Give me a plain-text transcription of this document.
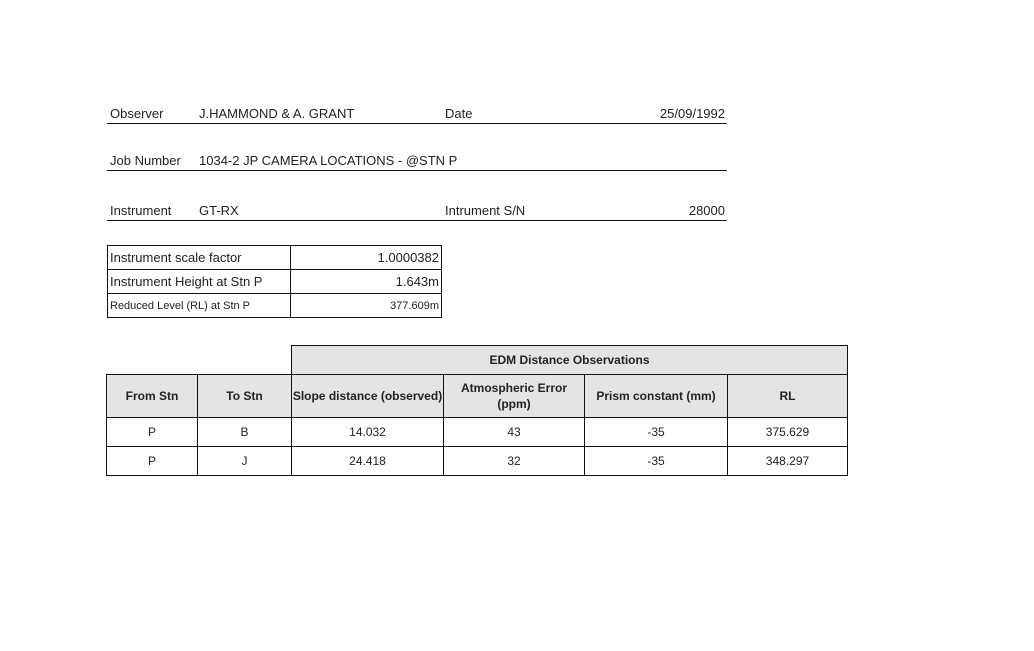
Observer	J.HAMMOND & A. GRANT	Date	25/09/1992
Job Number 1034-2 JP CAMERA LOCATIONS - @STN P
Instrument GT-RX	Intrument S/N	28000
Instrument scale factor	1.0000382
Instrument Height at Stn P	1.643m
Reduced Level (RL) at Stn P	377.609m
		EDM Distance Observations			
From Stn	To Stn	Slope distance (observed)	Atmospheric Error (ppm)	Prism constant (mm)	RL
P	B	14.032	43	-35	375.629
P	J	24.418	32	-35	348.297
